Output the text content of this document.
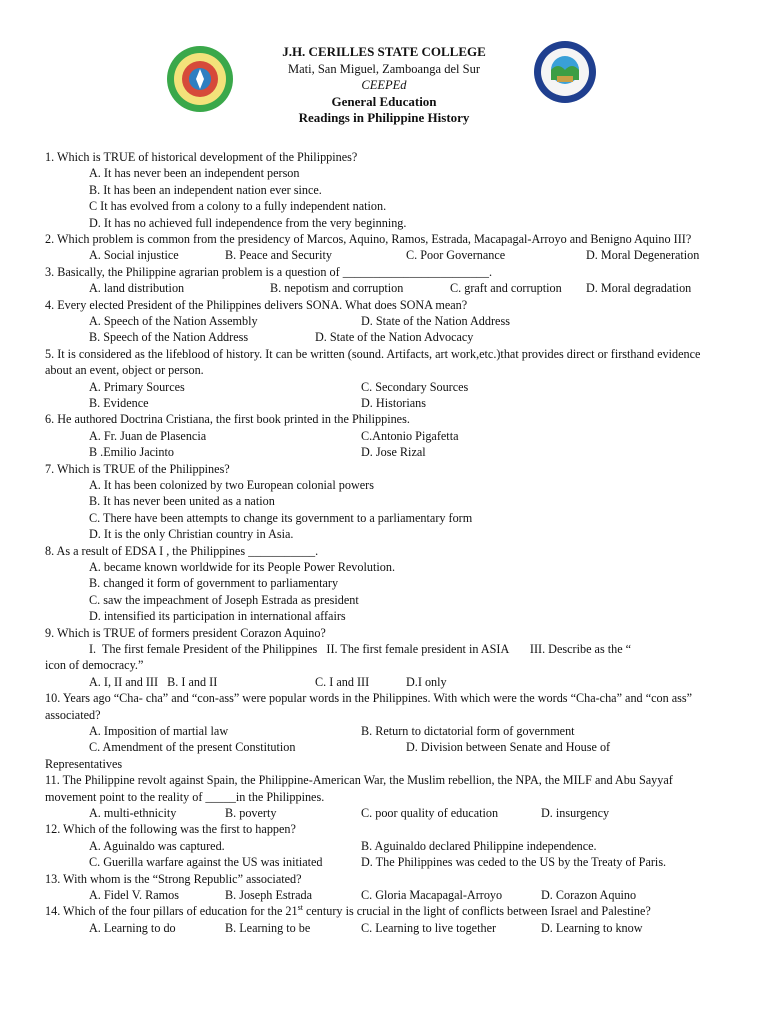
J.H. CERILLES STATE COLLEGE
Mati, San Miguel, Zamboanga del Sur
CEEPEd
General Education
Readings in Philippine History
1. Which is TRUE of historical development of the Philippines?
A. It has never been an independent person
B. It has been an independent nation ever since.
C It has evolved from a colony to a fully independent nation.
D. It has no achieved full independence from the very beginning.
2. Which problem is common from the presidency of Marcos, Aquino, Ramos, Estrada, Macapagal-Arroyo and Benigno Aquino III?
A. Social injustice	B. Peace and Security	C. Poor Governance	D. Moral Degeneration
3. Basically, the Philippine agrarian problem is a question of ________________________.
A. land distribution	B. nepotism and corruption	C. graft and corruption D. Moral degradation
4. Every elected President of the Philippines delivers SONA. What does SONA mean?
A. Speech of the Nation Assembly	D. State of the Nation Address
B. Speech of the Nation Address	D. State of the Nation Advocacy
5. It is considered as the lifeblood of history. It can be written (sound. Artifacts, art work,etc.)that provides direct or firsthand evidence about an event, object or person.
A. Primary Sources	C. Secondary Sources
B. Evidence	D. Historians
6. He authored Doctrina Cristiana, the first book printed in the Philippines.
A. Fr. Juan de Plasencia	C.Antonio Pigafetta
B .Emilio Jacinto	D. Jose Rizal
7. Which is TRUE of the Philippines?
A. It has been colonized by two European colonial powers
B. It has never been united as a nation
C. There have been attempts to change its government to a parliamentary form
D. It is the only Christian country in Asia.
8. As a result of EDSA I , the Philippines ___________.
A. became known worldwide for its People Power Revolution.
B. changed it form of government to parliamentary
C. saw the impeachment of Joseph Estrada as president
D. intensified its participation in international affairs
9. Which is TRUE of formers president Corazon Aquino?
I.  The first female President of the Philippines   II. The first female president in ASIA       III. Describe as the “
icon of democracy.”
A. I, II and III   B. I and II	C. I and III	D.I only
10. Years ago “Cha- cha” and “con-ass” were popular words in the Philippines. With which were the words “Cha-cha” and “con ass” associated?
A. Imposition of martial law	B. Return to dictatorial form of government
C. Amendment of the present Constitution	D. Division between Senate and House of
Representatives
11. The Philippine revolt against Spain, the Philippine-American War, the Muslim rebellion, the NPA, the MILF and Abu Sayyaf movement point to the reality of _____in the Philippines.
A. multi-ethnicity	B. poverty	C. poor quality of education	D. insurgency
12. Which of the following was the first to happen?
A. Aguinaldo was captured.	B. Aguinaldo declared Philippine independence.
C. Guerilla warfare against the US was initiated	D. The Philippines was ceded to the US by the Treaty of Paris.
13. With whom is the “Strong Republic” associated?
A. Fidel V. Ramos	B. Joseph Estrada	C. Gloria Macapagal-Arroyo	D. Corazon Aquino
14. Which of the four pillars of education for the 21st century is crucial in the light of conflicts between Israel and Palestine?
A. Learning to do	B. Learning to be	C. Learning to live together	D. Learning to know
